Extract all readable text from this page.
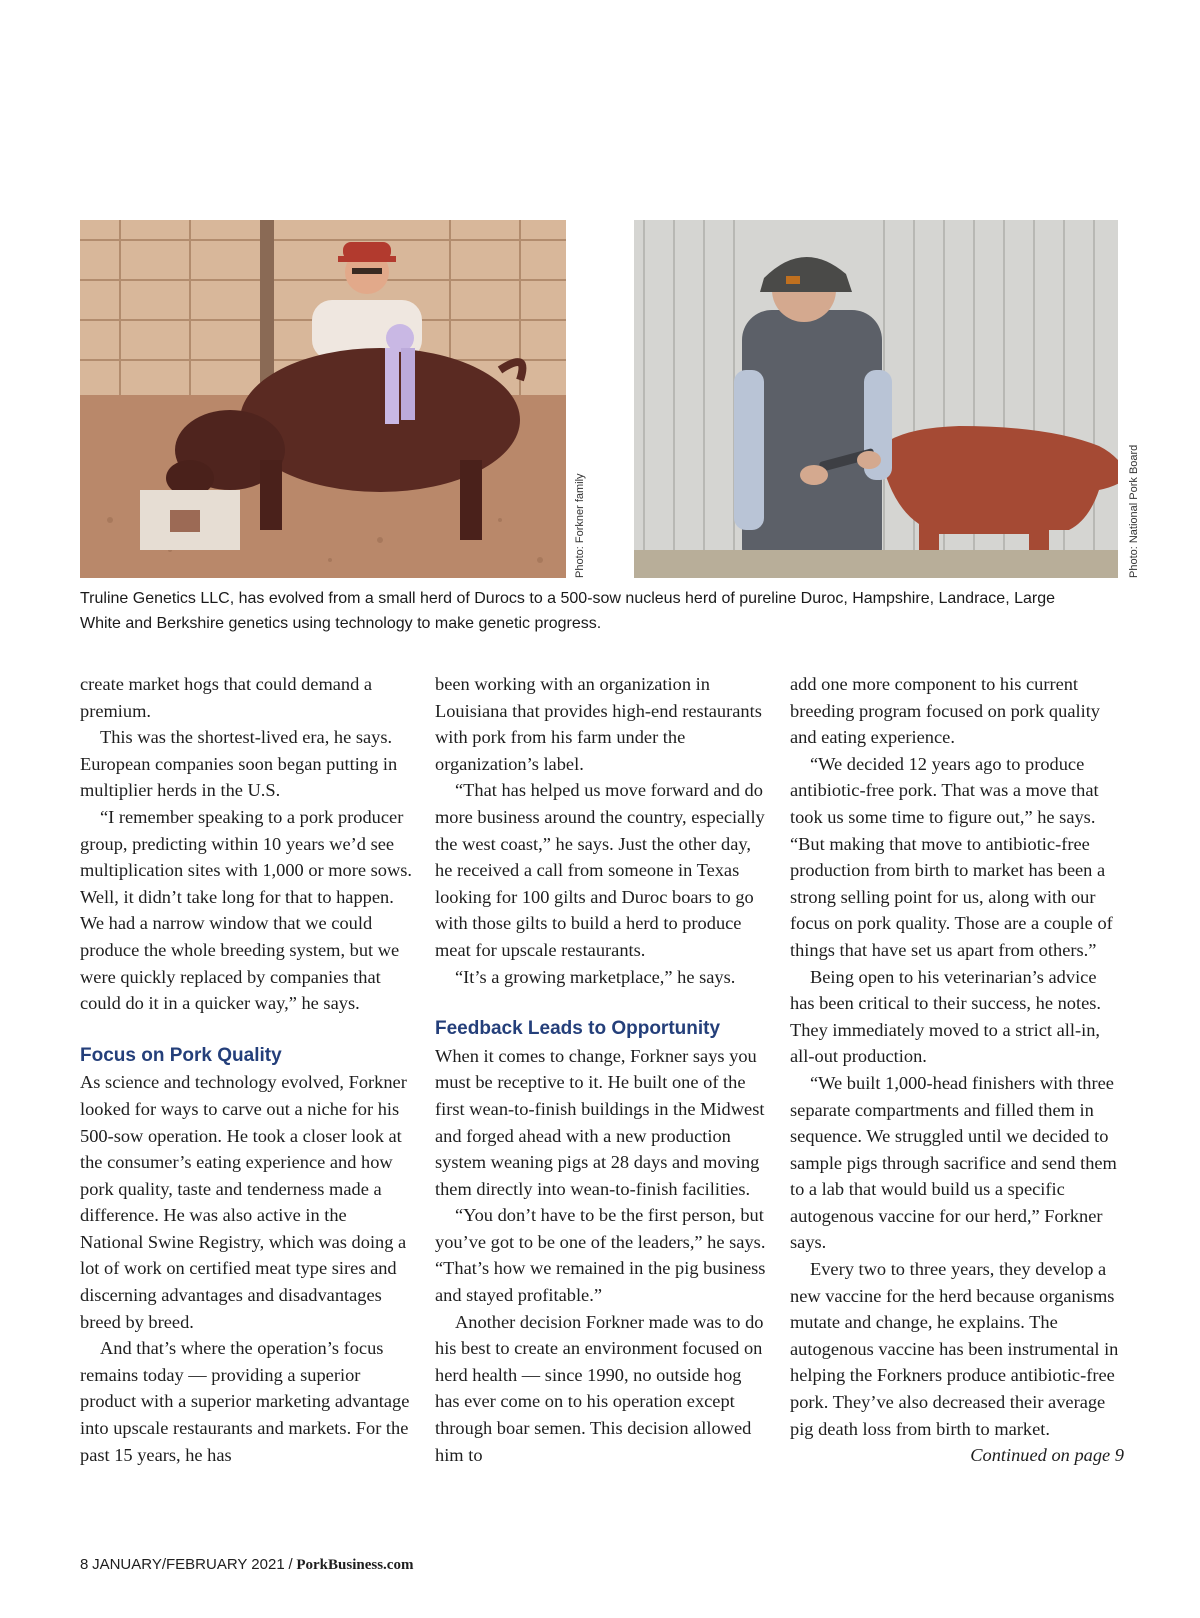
Photo: Forkner family	Photo: National Pork Board
Truline Genetics LLC, has evolved from a small herd of Durocs to a 500-sow nucleus herd of pureline Duroc, Hampshire, Landrace, Large White and Berkshire genetics using technology to make genetic progress.

create market hogs that could demand a premium.

This was the shortest-lived era, he says. European companies soon began putting in multiplier herds in the U.S.

“I remember speaking to a pork producer group, predicting within 10 years we’d see multiplication sites with 1,000 or more sows. Well, it didn’t take long for that to happen. We had a narrow window that we could produce the whole breeding system, but we were quickly replaced by companies that could do it in a quicker way,” he says.

Focus on Pork Quality

As science and technology evolved, Forkner looked for ways to carve out a niche for his 500-sow operation. He took a closer look at the consumer’s eating experience and how pork quality, taste and tenderness made a difference. He was also active in the National Swine Registry, which was doing a lot of work on certified meat type sires and discerning advantages and disadvantages breed by breed.

And that’s where the operation’s focus remains today — providing a superior product with a superior marketing advantage into upscale restaurants and markets. For the past 15 years, he has

been working with an organization in Louisiana that provides high-end restaurants with pork from his farm under the organization’s label.

“That has helped us move forward and do more business around the country, especially the west coast,” he says. Just the other day, he received a call from someone in Texas looking for 100 gilts and Duroc boars to go with those gilts to build a herd to produce meat for upscale restaurants.

“It’s a growing marketplace,” he says.

Feedback Leads to Opportunity

When it comes to change, Forkner says you must be receptive to it. He built one of the first wean-to-finish buildings in the Midwest and forged ahead with a new production system weaning pigs at 28 days and moving them directly into wean-to-finish facilities.

“You don’t have to be the first person, but you’ve got to be one of the leaders,” he says. “That’s how we remained in the pig business and stayed profitable.”

Another decision Forkner made was to do his best to create an environment focused on herd health — since 1990, no outside hog has ever come on to his operation except through boar semen. This decision allowed him to

add one more component to his current breeding program focused on pork quality and eating experience.

“We decided 12 years ago to produce antibiotic-free pork. That was a move that took us some time to figure out,” he says. “But making that move to antibiotic-free production from birth to market has been a strong selling point for us, along with our focus on pork quality. Those are a couple of things that have set us apart from others.”

Being open to his veterinarian’s advice has been critical to their success, he notes. They immediately moved to a strict all-in, all-out production.

“We built 1,000-head finishers with three separate compartments and filled them in sequence. We struggled until we decided to sample pigs through sacrifice and send them to a lab that would build us a specific autogenous vaccine for our herd,” Forkner says.

Every two to three years, they develop a new vaccine for the herd because organisms mutate and change, he explains. The autogenous vaccine has been instrumental in helping the Forkners produce antibiotic-free pork. They’ve also decreased their average pig death loss from birth to market.

Continued on page 9

8 JANUARY/FEBRUARY 2021 / PorkBusiness.com
